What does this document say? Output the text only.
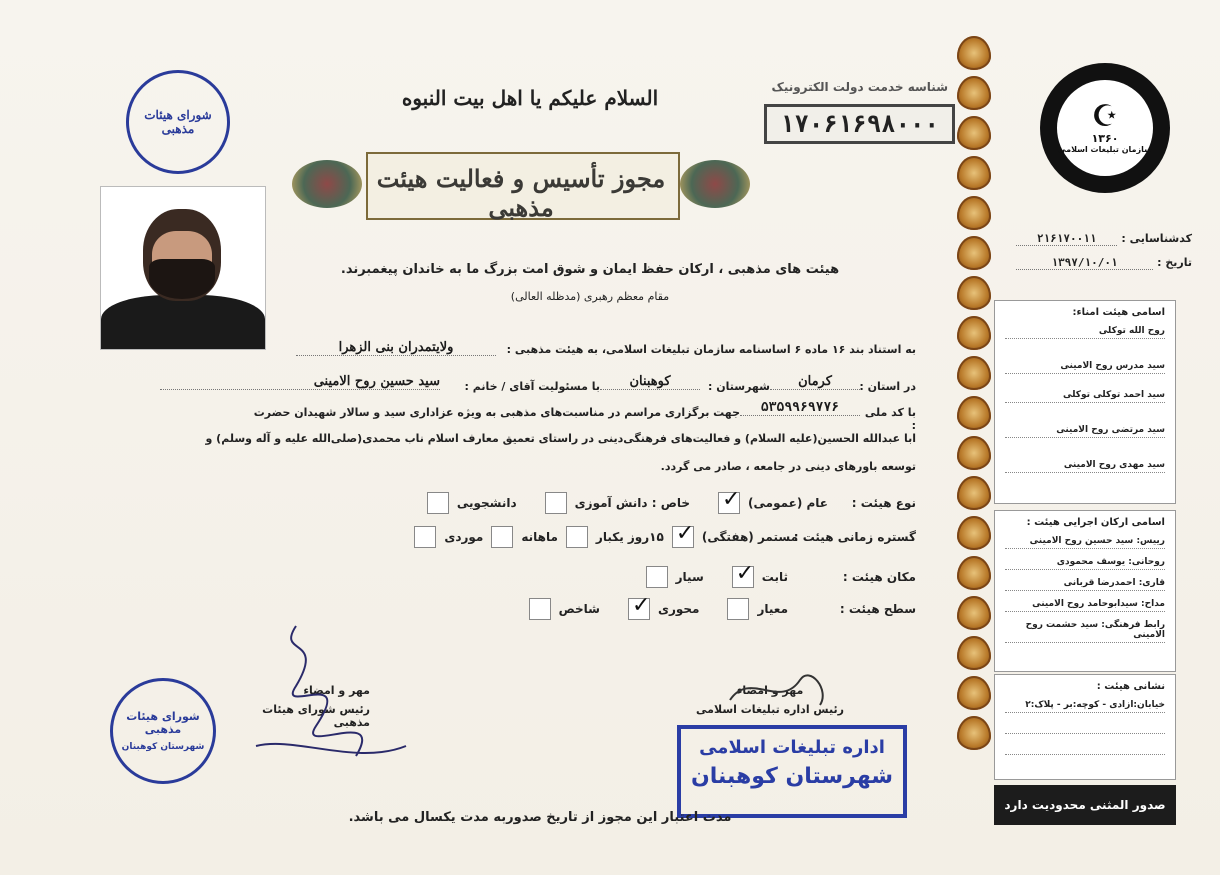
شورای هیئات مذهبی
السلام علیکم یا اهل بیت النبوه	شناسه خدمت دولت الکترونیک
۱۷۰۶۱۶۹۸۰۰۰	☪
۱۳۶۰
سازمان تبلیغات اسلامی
مجوز تأسیس و فعالیت هیئت مذهبی
هیئت های مذهبی ، ارکان حفظ ایمان و شوق امت بزرگ ما به خاندان پیغمبرند.
مقام معظم رهبری (مدظله العالی)
کدشناسایی :
۲۱۶۱۷۰۰۱۱
تاریخ :
۱۳۹۷/۱۰/۰۱
به استناد بند ۱۶ ماده ۶ اساسنامه سازمان تبلیغات اسلامی، به هیئت مذهبی :
ولایتمدران بنی الزهرا
در استان :
کرمان
شهرستان :
کوهبنان
با مسئولیت آقای / خانم :
سید حسین روح الامینی
با کد ملی :
۵۳۵۹۹۶۹۷۷۶
جهت برگزاری مراسم در مناسبت‌های مذهبی به ویژه عزاداری سید و سالار شهیدان حضرت
ابا عبدالله الحسین(علیه السلام) و فعالیت‌های فرهنگی‌دینی در راستای تعمیق معارف اسلام ناب محمدی(صلی‌الله علیه و آله وسلم) و
توسعه باورهای دینی در جامعه ، صادر می گردد.
نوع هیئت :
عام (عمومی)
✓
خاص : دانش آموزی
دانشجویی
گستره زمانی هیئت :
مستمر (هفتگی)
✓
۱۵روز یکبار
ماهانه
موردی
مکان هیئت :
ثابت
✓
سیار
سطح هیئت :
معیار
محوری
✓
شاخص
مهر و امضاء
رئیس شورای هیئات مذهبی
شورای هیئات مذهبی
شهرستان کوهبنان
مهر و امضاء
رئیس اداره تبلیغات اسلامی
اداره تبلیغات اسلامی
شهرستان کوهبنان
مدت اعتبار این مجوز از تاریخ صدوربه مدت یکسال می باشد.
اسامی هیئت امناء:
روح الله توکلی
سید مدرس روح الامینی
سید احمد توکلی توکلی
سید مرتضی روح الامینی
سید مهدی روح الامینی
اسامی ارکان اجرایی هیئت :
رییس: سید حسین روح الامینی
روحانی: یوسف محمودی
قاری: احمدرضا قربانی
مداح: سیدابوحامد روح الامینی
رابط فرهنگی: سید حشمت روح الامینی
نشانی هیئت :
خیابان:ازادی - کوچه:بر - پلاک:۲
صدور المثنی محدودیت دارد
